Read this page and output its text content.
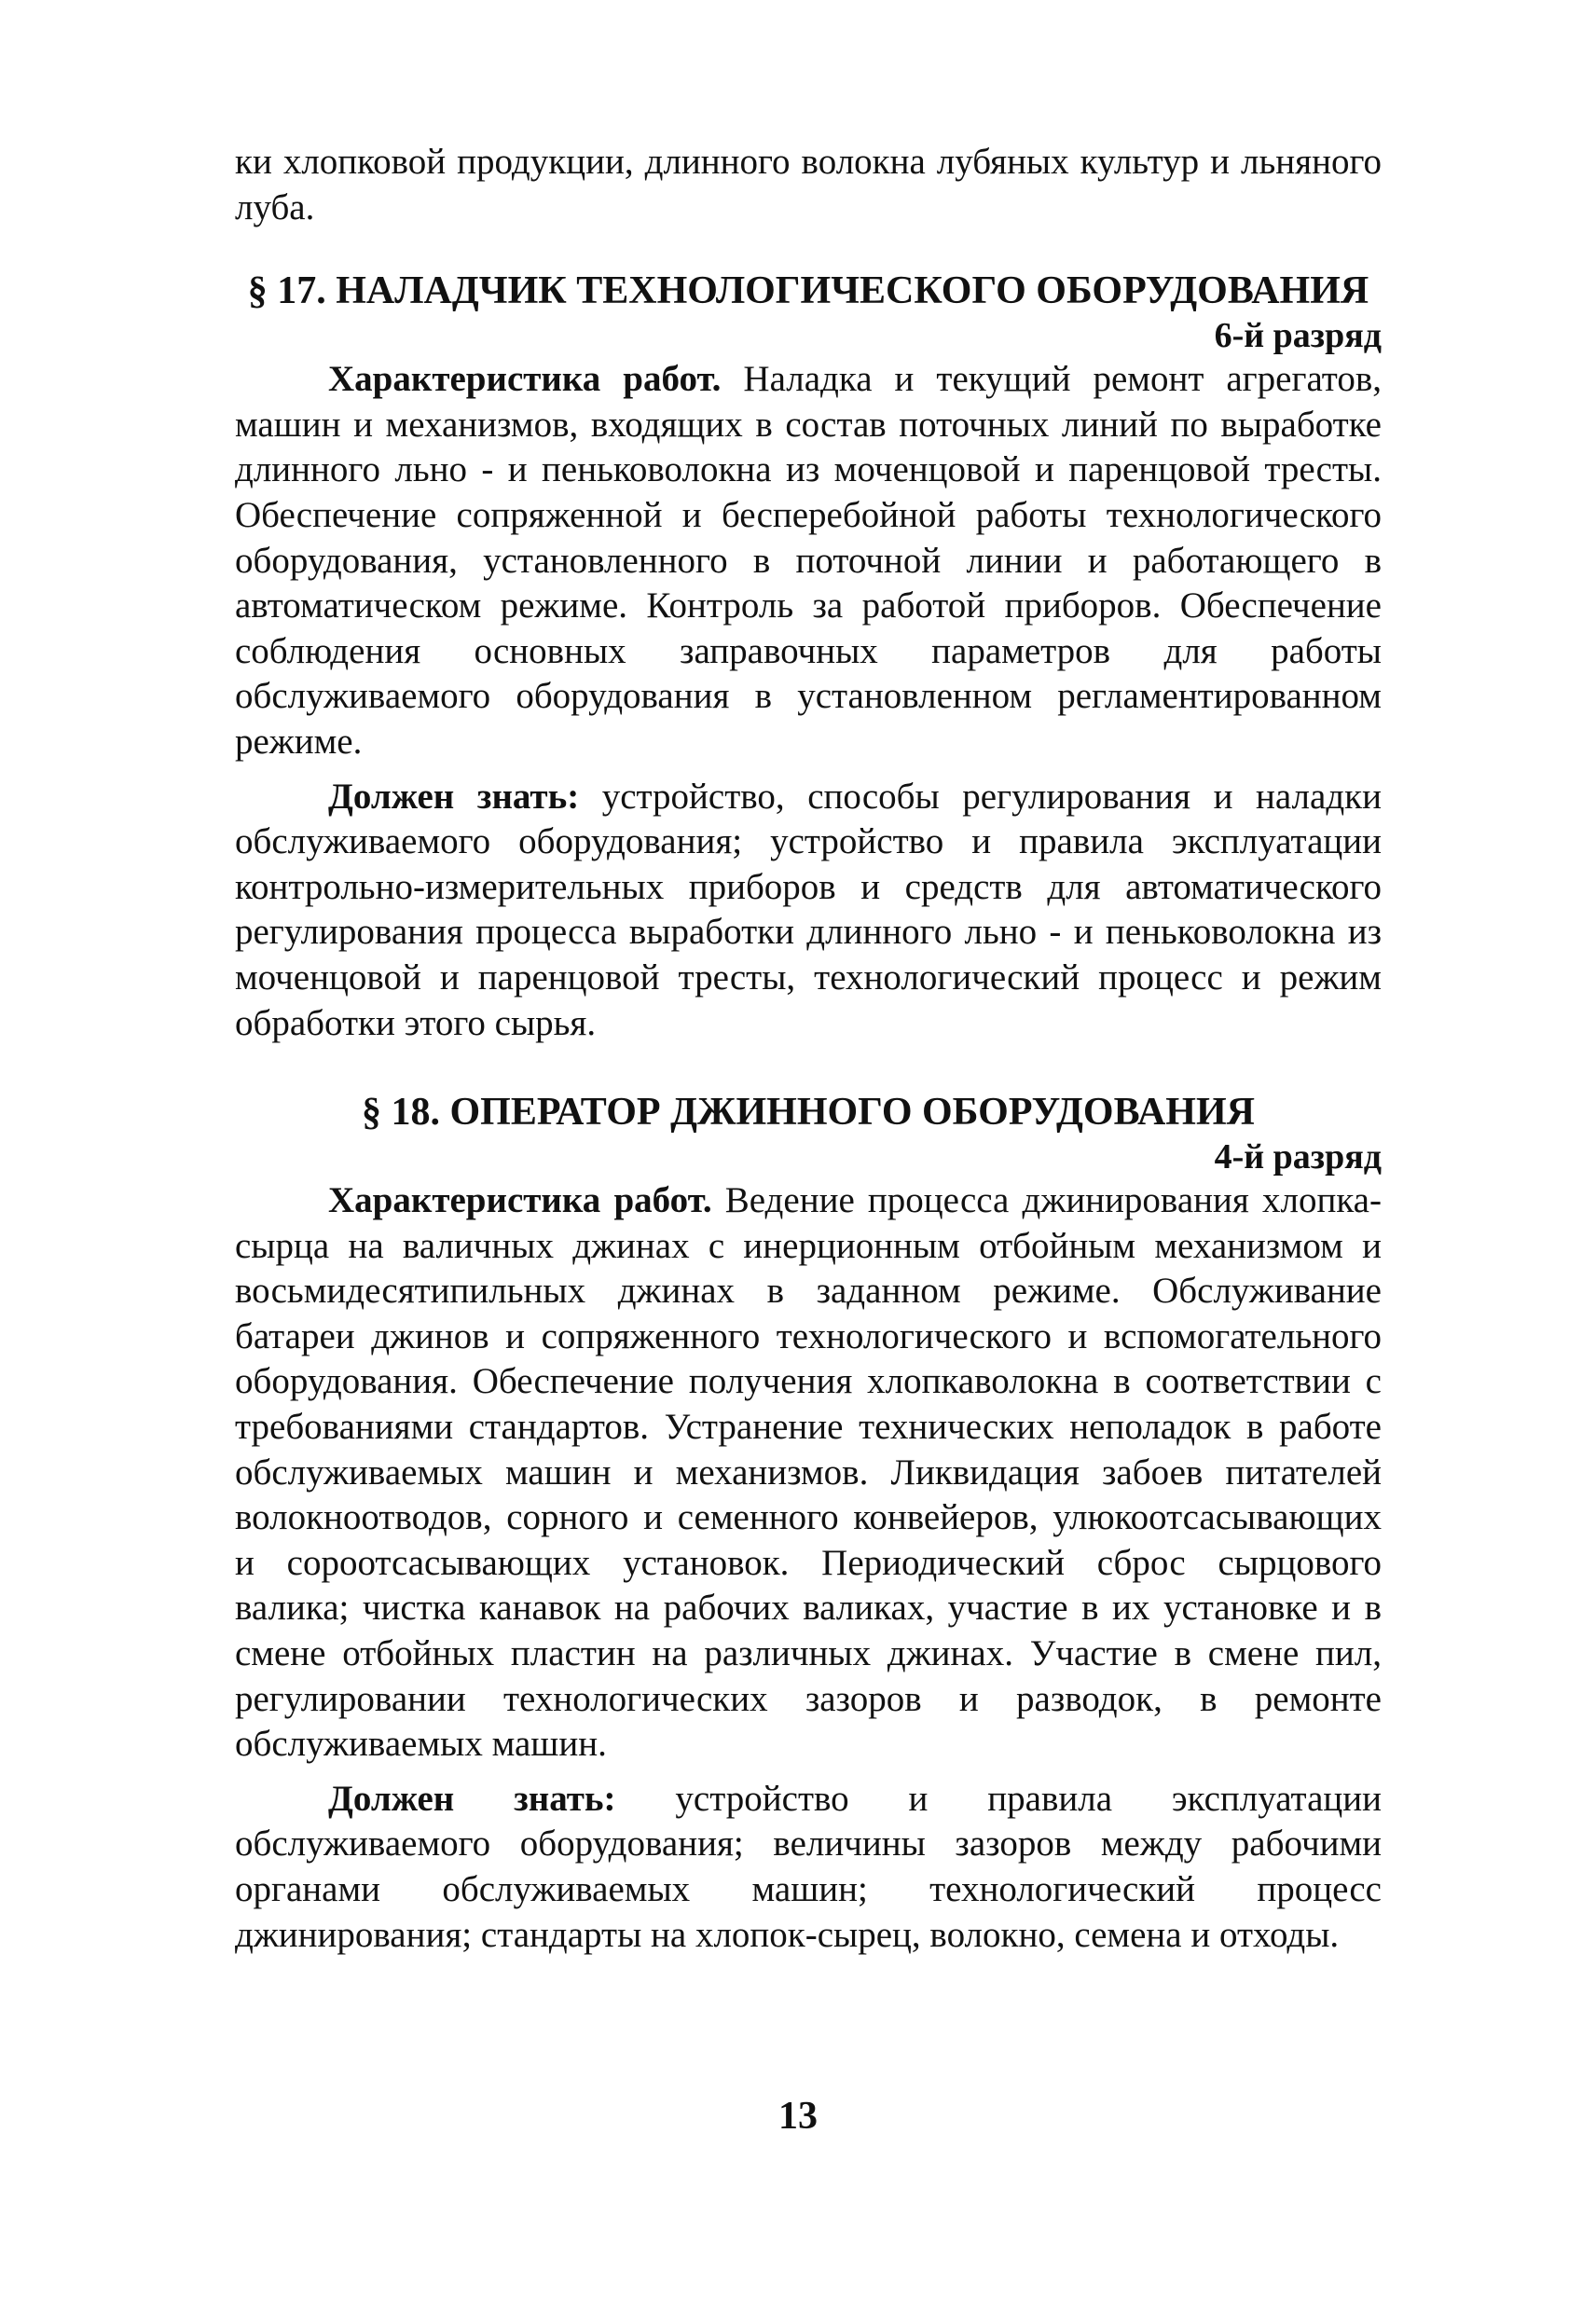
ки хлопковой продукции, длинного волокна лубяных культур и льняного луба.

§ 17. НАЛАДЧИК ТЕХНОЛОГИЧЕСКОГО ОБОРУДОВАНИЯ
6-й разряд

Характеристика работ. Наладка и текущий ремонт агрегатов, машин и механизмов, входящих в состав поточных линий по выработке длинного льно - и пеньковолокна из моченцовой и паренцовой тресты. Обеспечение сопряженной и бесперебойной работы технологического оборудования, установленного в поточной линии и работающего в автоматическом режиме. Контроль за работой приборов. Обеспечение соблюдения основных заправочных параметров для работы обслуживаемого оборудования в установленном регламентированном режиме.

Должен знать: устройство, способы регулирования и наладки обслуживаемого оборудования; устройство и правила эксплуатации контрольно-измерительных приборов и средств для автоматического регулирования процесса выработки длинного льно - и пеньковолокна из моченцовой и паренцовой тресты, технологический процесс и режим обработки этого сырья.

§ 18. ОПЕРАТОР ДЖИННОГО ОБОРУДОВАНИЯ
4-й разряд

Характеристика работ. Ведение процесса джинирования хлопка-сырца на валичных джинах с инерционным отбойным механизмом и восьмидесятипильных джинах в заданном режиме. Обслуживание батареи джинов и сопряженного технологического и вспомогательного оборудования. Обеспечение получения хлопкаволокна в соответствии с требованиями стандартов. Устранение технических неполадок в работе обслуживаемых машин и механизмов. Ликвидация забоев питателей волокноотводов, сорного и семенного конвейеров, улюкоотсасывающих и сороотсасывающих установок. Периодический сброс сырцового валика; чистка канавок на рабочих валиках, участие в их установке и в смене отбойных пластин на различных джинах. Участие в смене пил, регулировании технологических зазоров и разводок, в ремонте обслуживаемых машин.

Должен знать: устройство и правила эксплуатации обслуживаемого оборудования; величины зазоров между рабочими органами обслуживаемых машин; технологический процесс джинирования; стандарты на хлопок-сырец, волокно, семена и отходы.

13
